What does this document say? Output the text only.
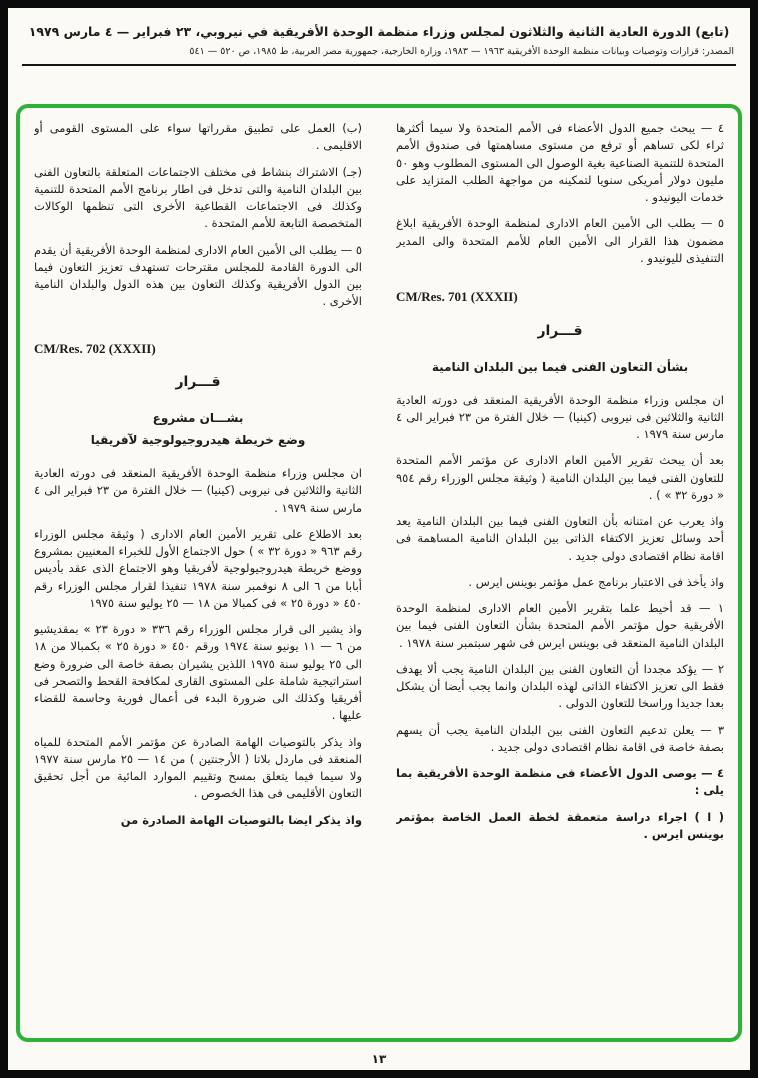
(تابع) الدورة العادية الثانية والثلاثون لمجلس وزراء منظمة الوحدة الأفريقية في نيروبي، ٢٣ فبراير — ٤ مارس ١٩٧٩
المصدر: قرارات وتوصيات وبيانات منظمة الوحدة الأفريقية ١٩٦٣ — ١٩٨٣، وزارة الخارجية، جمهورية مصر العربية، ط ١٩٨٥، ص ٥٢٠ — ٥٤١

٤ — يبحث جميع الدول الأعضاء فى الأمم المتحدة ولا سيما أكثرها ثراء لكى تساهم أو ترفع من مستوى مساهمتها فى صندوق الأمم المتحدة للتنمية الصناعية بغية الوصول الى المستوى المطلوب وهو ٥٠ مليون دولار أمريكى سنويا لتمكينه من مواجهة الطلب المتزايد على خدمات اليونيدو .

٥ — يطلب الى الأمين العام الادارى لمنظمة الوحدة الأفريقية ابلاغ مضمون هذا القرار الى الأمين العام للأمم المتحدة والى المدير التنفيذى لليونيدو .

CM/Res. 701 (XXXII)
قـــرار
بشأن التعاون الفنى فيما بين البلدان النامية

ان مجلس وزراء منظمة الوحدة الأفريقية المنعقد فى دورته العادية الثانية والثلاثين فى نيروبى (كينيا) — خلال الفترة من ٢٣ فبراير الى ٤ مارس سنة ١٩٧٩ .

بعد أن يبحث تقرير الأمين العام الادارى عن مؤتمر الأمم المتحدة للتعاون الفنى فيما بين البلدان النامية ( وثيقة مجلس الوزراء رقم ٩٥٤ « دورة ٣٢ » ) .

واذ يعرب عن امتنانه بأن التعاون الفنى فيما بين البلدان النامية يعد أحد وسائل تعزيز الاكتفاء الذاتى بين البلدان النامية المساهمة فى اقامة نظام اقتصادى دولى جديد .

واذ يأخذ فى الاعتبار برنامج عمل مؤتمر بوينس ايرس .

١ — قد أحيط علما بتقرير الأمين العام الادارى لمنظمة الوحدة الأفريقية حول مؤتمر الأمم المتحدة بشأن التعاون الفنى فيما بين البلدان النامية المنعقد فى بوينس ايرس فى شهر سبتمبر سنة ١٩٧٨ .

٢ — يؤكد مجددا أن التعاون الفنى بين البلدان النامية يجب ألا يهدف فقط الى تعزيز الاكتفاء الذاتى لهذه البلدان وانما يجب أيضا أن يشكل بعدا جديدا وراسخا للتعاون الدولى .

٣ — يعلن تدعيم التعاون الفنى بين البلدان النامية يجب أن يسهم بصفة خاصة فى اقامة نظام اقتصادى دولى جديد .

٤ — يوصى الدول الأعضاء فى منظمة الوحدة الأفريقية بما يلى :

( ا ) اجراء دراسة متعمقة لخطة العمل الخاصة بمؤتمر بوينس ايرس .

(ب) العمل على تطبيق مقرراتها سواء على المستوى القومى أو الاقليمى .

(جـ) الاشتراك بنشاط فى مختلف الاجتماعات المتعلقة بالتعاون الفنى بين البلدان النامية والتى تدخل فى اطار برنامج الأمم المتحدة للتنمية وكذلك فى الاجتماعات القطاعية الأخرى التى تنظمها الوكالات المتخصصة التابعة للأمم المتحدة .

٥ — يطلب الى الأمين العام الادارى لمنظمة الوحدة الأفريقية أن يقدم الى الدورة القادمة للمجلس مقترحات تستهدف تعزيز التعاون فيما بين الدول الأفريقية وكذلك التعاون بين هذه الدول والبلدان النامية الأخرى .

CM/Res. 702 (XXXII)
قـــرار
بشـــان مشروع
وضع خريطة هيدروجيولوجية لآفريقيا

ان مجلس وزراء منظمة الوحدة الأفريقية المنعقد فى دورته العادية الثانية والثلاثين فى نيروبى (كينيا) — خلال الفترة من ٢٣ فبراير الى ٤ مارس سنة ١٩٧٩ .

بعد الاطلاع على تقرير الأمين العام الادارى ( وثيقة مجلس الوزراء رقم ٩٦٣ « دورة ٣٢ » ) حول الاجتماع الأول للخبراء المعنيين بمشروع ووضع خريطة هيدروجيولوجية لأفريقيا وهو الاجتماع الذى عقد بأديس أبابا من ٦ الى ٨ نوفمبر سنة ١٩٧٨ تنفيذا لقرار مجلس الوزراء رقم ٤٥٠ « دورة ٢٥ » فى كمبالا من ١٨ — ٢٥ يوليو سنة ١٩٧٥

واذ يشير الى قرار مجلس الوزراء رقم ٣٣٦ « دورة ٢٣ » بمقديشيو من ٦ — ١١ يونيو سنة ١٩٧٤ ورقم ٤٥٠ « دورة ٢٥ » بكمبالا من ١٨ الى ٢٥ يوليو سنة ١٩٧٥ اللذين يشيران بصفة خاصة الى ضرورة وضع استراتيجية شاملة على المستوى القارى لمكافحة القحط والتصحر فى أفريقيا وكذلك الى ضرورة البدء فى أعمال فورية وحاسمة للقضاء عليها .

واذ يذكر بالتوصيات الهامة الصادرة عن مؤتمر الأمم المتحدة للمياه المنعقد فى ماردل بلاتا ( الأرجنتين ) من ١٤ — ٢٥ مارس سنة ١٩٧٧ ولا سيما فيما يتعلق بمسح وتقييم الموارد المائية من أجل تحقيق التعاون الأقليمى فى هذا الخصوص .

واذ يذكر ايضا بالتوصيات الهامة الصادرة من

١٣
